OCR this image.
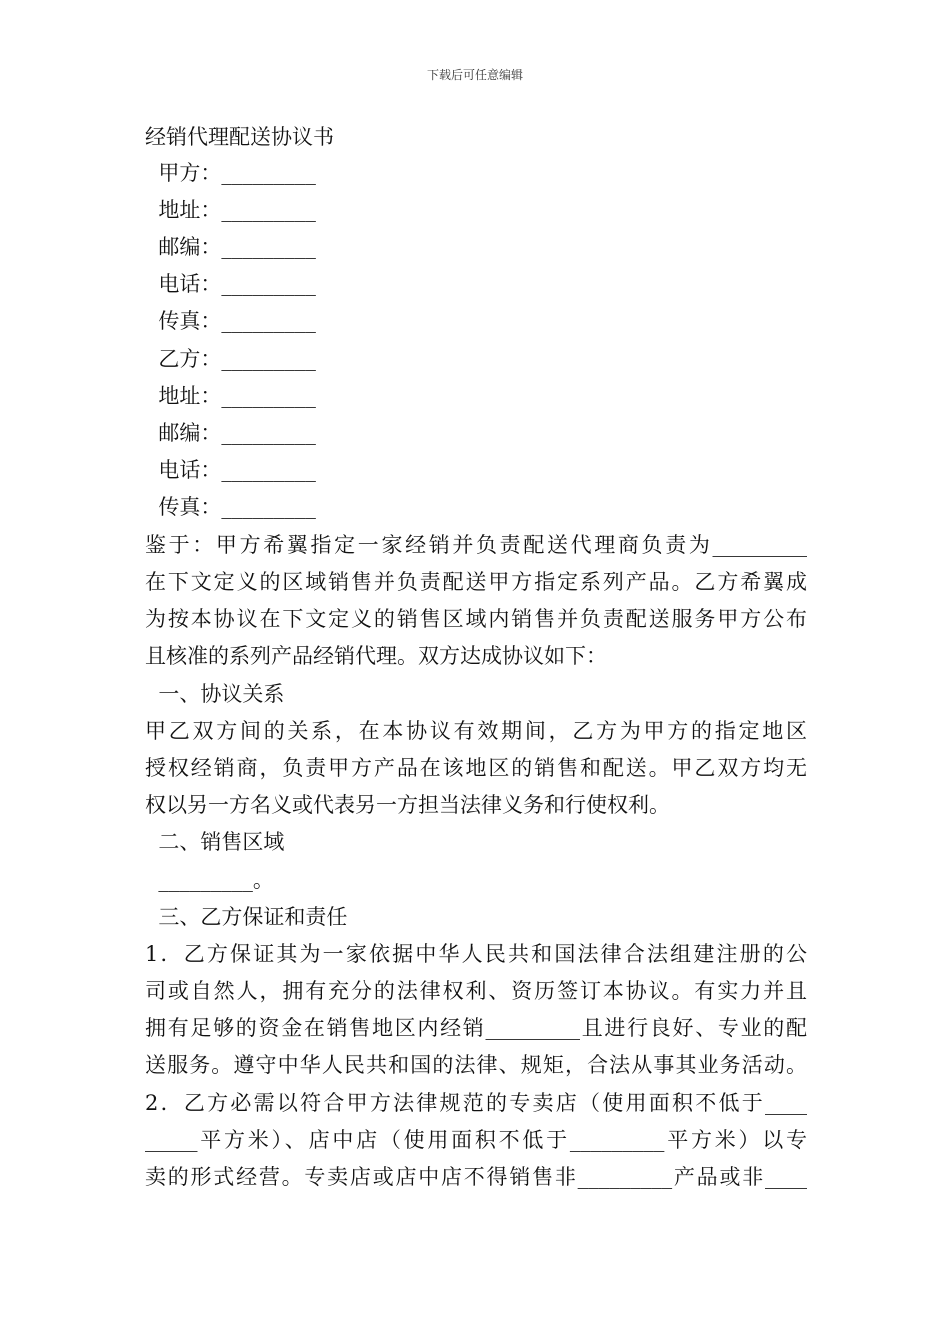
下载后可任意编辑
经销代理配送协议书
甲方：_________
地址：_________
邮编：_________
电话：_________
传真：_________
乙方：_________
地址：_________
邮编：_________
电话：_________
传真：_________
鉴于：甲方希翼指定一家经销并负责配送代理商负责为_________
在下文定义的区域销售并负责配送甲方指定系列产品。乙方希翼成
为按本协议在下文定义的销售区域内销售并负责配送服务甲方公布
且核准的系列产品经销代理。双方达成协议如下：
一、协议关系
甲乙双方间的关系，在本协议有效期间，乙方为甲方的指定地区
授权经销商，负责甲方产品在该地区的销售和配送。甲乙双方均无
权以另一方名义或代表另一方担当法律义务和行使权利。
二、销售区域
_________。
三、乙方保证和责任
1．乙方保证其为一家依据中华人民共和国法律合法组建注册的公
司或自然人，拥有充分的法律权利、资历签订本协议。有实力并且
拥有足够的资金在销售地区内经销_________且进行良好、专业的配
送服务。遵守中华人民共和国的法律、规矩，合法从事其业务活动。
2．乙方必需以符合甲方法律规范的专卖店（使用面积不低于____
_____平方米）、店中店（使用面积不低于_________平方米）以专
卖的形式经营。专卖店或店中店不得销售非_________产品或非____
